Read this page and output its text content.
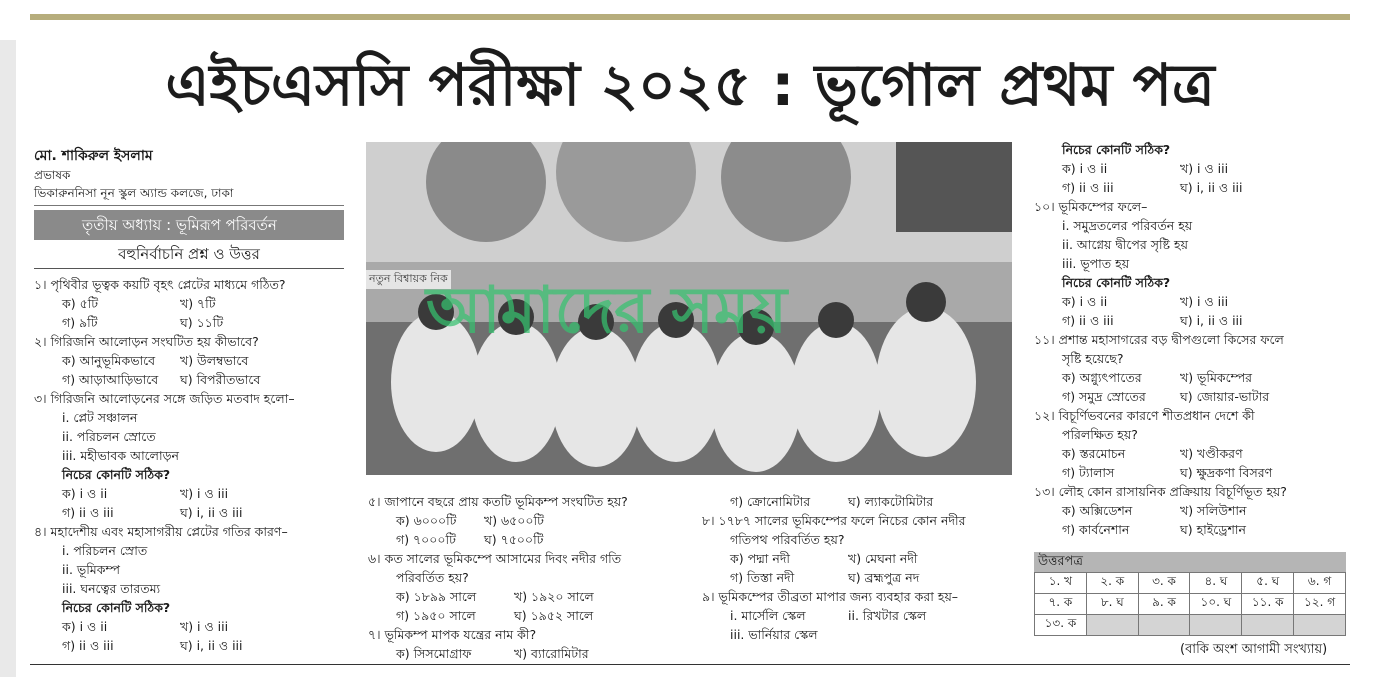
এইচএসসি পরীক্ষা ২০২৫ : ভূগোল প্রথম পত্র
মো. শাকিরুল ইসলাম
প্রভাষক
ভিকারুননিসা নূন স্কুল অ্যান্ড কলজে, ঢাকা
তৃতীয় অধ্যায় : ভূমিরূপ পরিবর্তন
বহুনির্বাচনি প্রশ্ন ও উত্তর
১। পৃথিবীর ভূত্বক কয়টি বৃহৎ প্লেটের মাধ্যমে গঠিত?
ক) ৫টি	খ) ৭টি
গ) ৯টি	ঘ) ১১টি
২। গিরিজনি আলোড়ন সংঘটিত হয় কীভাবে?
ক) আনুভূমিকভাবে	খ) উলম্বভাবে
গ) আড়াআড়িভাবে	ঘ) বিপরীতভাবে
৩। গিরিজনি আলোড়নের সঙ্গে জড়িত মতবাদ হলো–
i. প্লেট সঞ্চালন
ii. পরিচলন স্রোতে
iii. মহীভাবক আলোড়ন
নিচের কোনটি সঠিক?
ক) i ও ii	খ) i ও iii
গ) ii ও iii	ঘ) i, ii ও iii
৪। মহাদেশীয় এবং মহাসাগরীয় প্লেটের গতির কারণ–
i. পরিচলন স্রোত
ii. ভূমিকম্প
iii. ঘনত্বের তারতম্য
নিচের কোনটি সঠিক?
ক) i ও ii	খ) i ও iii
গ) ii ও iii	ঘ) i, ii ও iii
নতুন বিশ্বায়ক নিক
আমাদের সময়
৫। জাপানে বছরে প্রায় কতটি ভূমিকম্প সংঘটিত হয়?
ক) ৬০০০টি	খ) ৬৫০০টি
গ) ৭০০০টি	ঘ) ৭৫০০টি
৬। কত সালের ভূমিকম্পে আসামের দিবং নদীর গতি
পরিবর্তিত হয়?
ক) ১৮৯৯ সালে	খ) ১৯২০ সালে
গ) ১৯৫০ সালে	ঘ) ১৯৫২ সালে
৭। ভূমিকম্প মাপক যন্ত্রের নাম কী?
ক) সিসমোগ্রাফ	খ) ব্যারোমিটার
গ) ক্রোনোমিটার	ঘ) ল্যাকটোমিটার
৮। ১৭৮৭ সালের ভূমিকম্পের ফলে নিচের কোন নদীর
গতিপথ পরিবর্তিত হয়?
ক) পদ্মা নদী	খ) মেঘনা নদী
গ) তিস্তা নদী	ঘ) ব্রহ্মপুত্র নদ
৯। ভূমিকম্পের তীব্রতা মাপার জন্য ব্যবহার করা হয়–
i. মার্সেলি স্কেল	ii. রিখটার স্কেল
iii. ভার্নিয়ার স্কেল
নিচের কোনটি সঠিক?
ক) i ও ii	খ) i ও iii
গ) ii ও iii	ঘ) i, ii ও iii
১০। ভূমিকম্পের ফলে–
i. সমুদ্রতলের পরিবর্তন হয়
ii. আগ্নেয় দ্বীপের সৃষ্টি হয়
iii. ভূপাত হয়
নিচের কোনটি সঠিক?
ক) i ও ii	খ) i ও iii
গ) ii ও iii	ঘ) i, ii ও iii
১১। প্রশান্ত মহাসাগরের বড় দ্বীপগুলো কিসের ফলে
সৃষ্টি হয়েছে?
ক) অগ্ন্যুৎপাতের	খ) ভূমিকম্পের
গ) সমুদ্র স্রোতের	ঘ) জোয়ার-ভাটার
১২। বিচূর্ণিভবনের কারণে শীতপ্রধান দেশে কী
পরিলক্ষিত হয়?
ক) স্তরমোচন	খ) খণ্ডীকরণ
গ) ট্যালাস	ঘ) ক্ষুদ্রকণা বিসরণ
১৩। লৌহ কোন রাসায়নিক প্রক্রিয়ায় বিচূর্ণিভূত হয়?
ক) অক্সিডেশন	খ) সলিউশান
গ) কার্বনেশান	ঘ) হাইড্রেশান
উত্তরপত্র
১. খ	২. ক	৩. ক	৪. ঘ	৫. ঘ	৬. গ
৭. ক	৮. ঘ	৯. ক	১০. ঘ	১১. ক	১২. গ
১৩. ক					
(বাকি অংশ আগামী সংখ্যায়)
